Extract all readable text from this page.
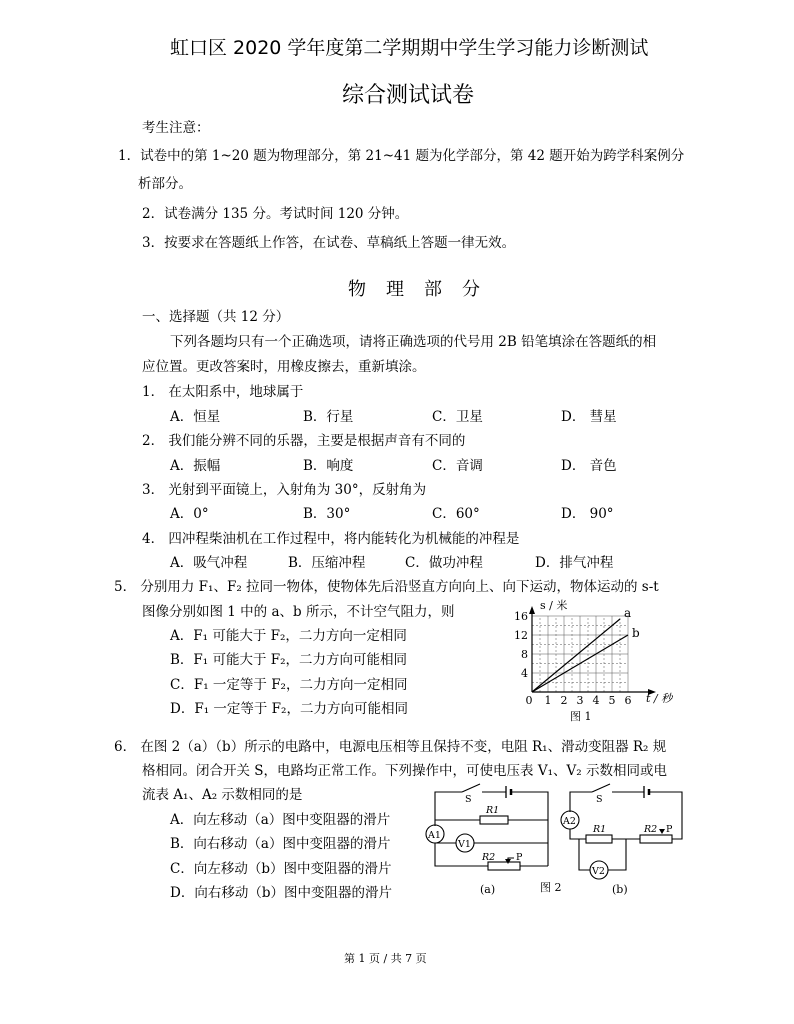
虹口区 2020 学年度第二学期期中学生学习能力诊断测试
综合测试试卷
考生注意：
1．试卷中的第 1~20 题为物理部分，第 21~41 题为化学部分，第 42 题开始为跨学科案例分
析部分。
2．试卷满分 135 分。考试时间 120 分钟。
3．按要求在答题纸上作答，在试卷、草稿纸上答题一律无效。
物理部分
一、选择题（共 12 分）
下列各题均只有一个正确选项，请将正确选项的代号用 2B 铅笔填涂在答题纸的相
应位置。更改答案时，用橡皮擦去，重新填涂。
1． 在太阳系中，地球属于
A．恒星	B．行星	C．卫星	D． 彗星
2． 我们能分辨不同的乐器，主要是根据声音有不同的
A．振幅	B．响度	C．音调	D． 音色
3． 光射到平面镜上，入射角为 30°，反射角为
A．0°	B．30°	C．60°	D． 90°
4． 四冲程柴油机在工作过程中，将内能转化为机械能的冲程是
A．吸气冲程	B．压缩冲程	C．做功冲程	D．排气冲程
5． 分别用力 F₁、F₂ 拉同一物体，使物体先后沿竖直方向向上、向下运动，物体运动的 s-t
图像分别如图 1 中的 a、b 所示，不计空气阻力，则
A．F₁ 可能大于 F₂，二力方向一定相同
B．F₁ 可能大于 F₂，二力方向可能相同
C．F₁ 一定等于 F₂，二力方向一定相同
D．F₁ 一定等于 F₂，二力方向可能相同
16
12
8
4
0 1 2 3 4 5 6
s / 米
t / 秒
a
b
图 1
6． 在图 2（a）（b）所示的电路中，电源电压相等且保持不变，电阻 R₁、滑动变阻器 R₂ 规
格相同。闭合开关 S，电路均正常工作。下列操作中，可使电压表 V₁、V₂ 示数相同或电
流表 A₁、A₂ 示数相同的是
A．向左移动（a）图中变阻器的滑片
B．向右移动（a）图中变阻器的滑片
C．向左移动（b）图中变阻器的滑片
D．向右移动（b）图中变阻器的滑片
A1
S
R1
V1
R2 P
A2
S
R1	R2 P
V2
(a)	图 2	(b)
第 1 页 / 共 7 页
